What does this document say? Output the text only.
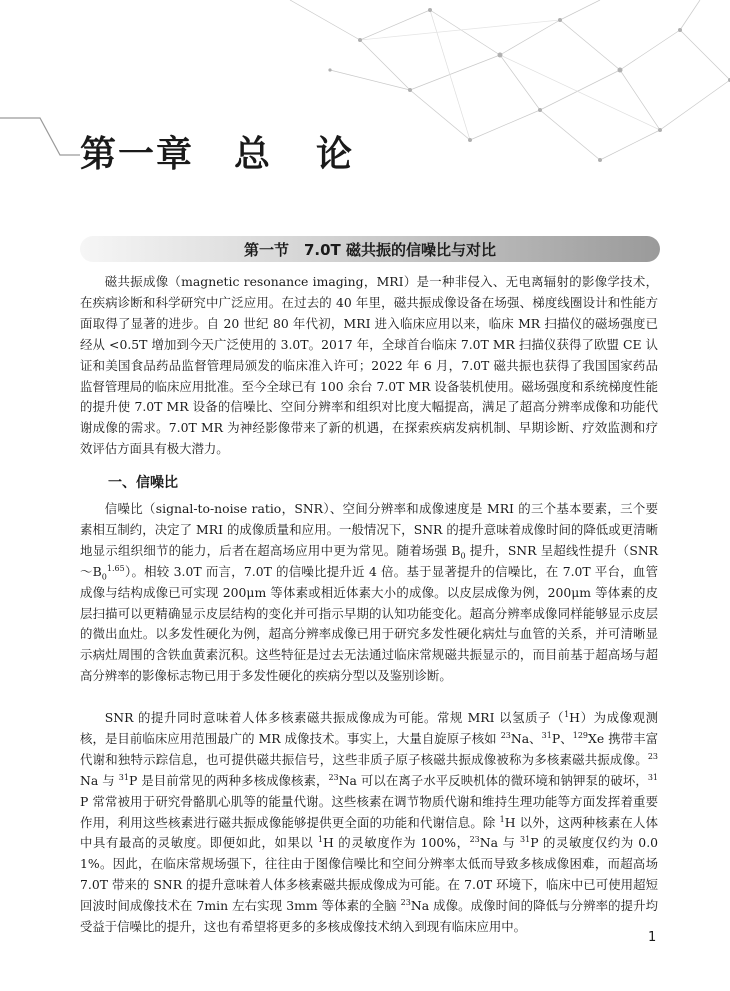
第一章 总 论
第一节　7.0T 磁共振的信噪比与对比

磁共振成像（magnetic resonance imaging，MRI）是一种非侵入、无电离辐射的影像学技术，在疾病诊断和科学研究中广泛应用。在过去的 40 年里，磁共振成像设备在场强、梯度线圈设计和性能方面取得了显著的进步。自 20 世纪 80 年代初，MRI 进入临床应用以来，临床 MR 扫描仪的磁场强度已经从 <0.5T 增加到今天广泛使用的 3.0T。2017 年，全球首台临床 7.0T MR 扫描仪获得了欧盟 CE 认证和美国食品药品监督管理局颁发的临床准入许可；2022 年 6 月，7.0T 磁共振也获得了我国国家药品监督管理局的临床应用批准。至今全球已有 100 余台 7.0T MR 设备装机使用。磁场强度和系统梯度性能的提升使 7.0T MR 设备的信噪比、空间分辨率和组织对比度大幅提高，满足了超高分辨率成像和功能代谢成像的需求。7.0T MR 为神经影像带来了新的机遇，在探索疾病发病机制、早期诊断、疗效监测和疗效评估方面具有极大潜力。

一、信噪比

信噪比（signal-to-noise ratio，SNR）、空间分辨率和成像速度是 MRI 的三个基本要素，三个要素相互制约，决定了 MRI 的成像质量和应用。一般情况下，SNR 的提升意味着成像时间的降低或更清晰地显示组织细节的能力，后者在超高场应用中更为常见。随着场强 $B_0$ 提升，SNR 呈超线性提升$(SNR\sim B_0^{1.65})$。相较 3.0T 而言，7.0T 的信噪比提升近 4 倍。基于显著提升的信噪比，在 7.0T 平台，血管成像与结构成像已可实现 200μm 等体素或相近体素大小的成像。以皮层成像为例，200μm 等体素的皮层扫描可以更精确显示皮层结构的变化并可指示早期的认知功能变化。超高分辨率成像同样能够显示皮层的微出血灶。以多发性硬化为例，超高分辨率成像已用于研究多发性硬化病灶与血管的关系，并可清晰显示病灶周围的含铁血黄素沉积。这些特征是过去无法通过临床常规磁共振显示的，而目前基于超高场与超高分辨率的影像标志物已用于多发性硬化的疾病分型以及鉴别诊断。

SNR 的提升同时意味着人体多核素磁共振成像成为可能。常规 MRI 以氢质子（$^1$H）为成像观测核，是目前临床应用范围最广的 MR 成像技术。事实上，大量自旋原子核如 $^{23}$Na、$^{31}$P、$^{129}$Xe 携带丰富代谢和独特示踪信息，也可提供磁共振信号，这些非质子原子核磁共振成像被称为多核素磁共振成像。$^{23}$Na 与 $^{31}$P 是目前常见的两种多核成像核素，$^{23}$Na 可以在离子水平反映机体的微环境和钠钾泵的破坏，$^{31}$P 常常被用于研究骨骼肌心肌等的能量代谢。这些核素在调节物质代谢和维持生理功能等方面发挥着重要作用，利用这些核素进行磁共振成像能够提供更全面的功能和代谢信息。除 $^1$H 以外，这两种核素在人体中具有最高的灵敏度。即便如此，如果以 $^1$H 的灵敏度作为 100%，$^{23}$Na 与 $^{31}$P 的灵敏度仅约为 0.01%。因此，在临床常规场强下，往往由于图像信噪比和空间分辨率太低而导致多核成像困难，而超高场 7.0T 带来的 SNR 的提升意味着人体多核素磁共振成像成为可能。在 7.0T 环境下，临床中已可使用超短回波时间成像技术在 7min 左右实现 3mm 等体素的全脑 $^{23}$Na 成像。成像时间的降低与分辨率的提升均受益于信噪比的提升，这也有希望将更多的多核成像技术纳入到现有临床应用中。

1
